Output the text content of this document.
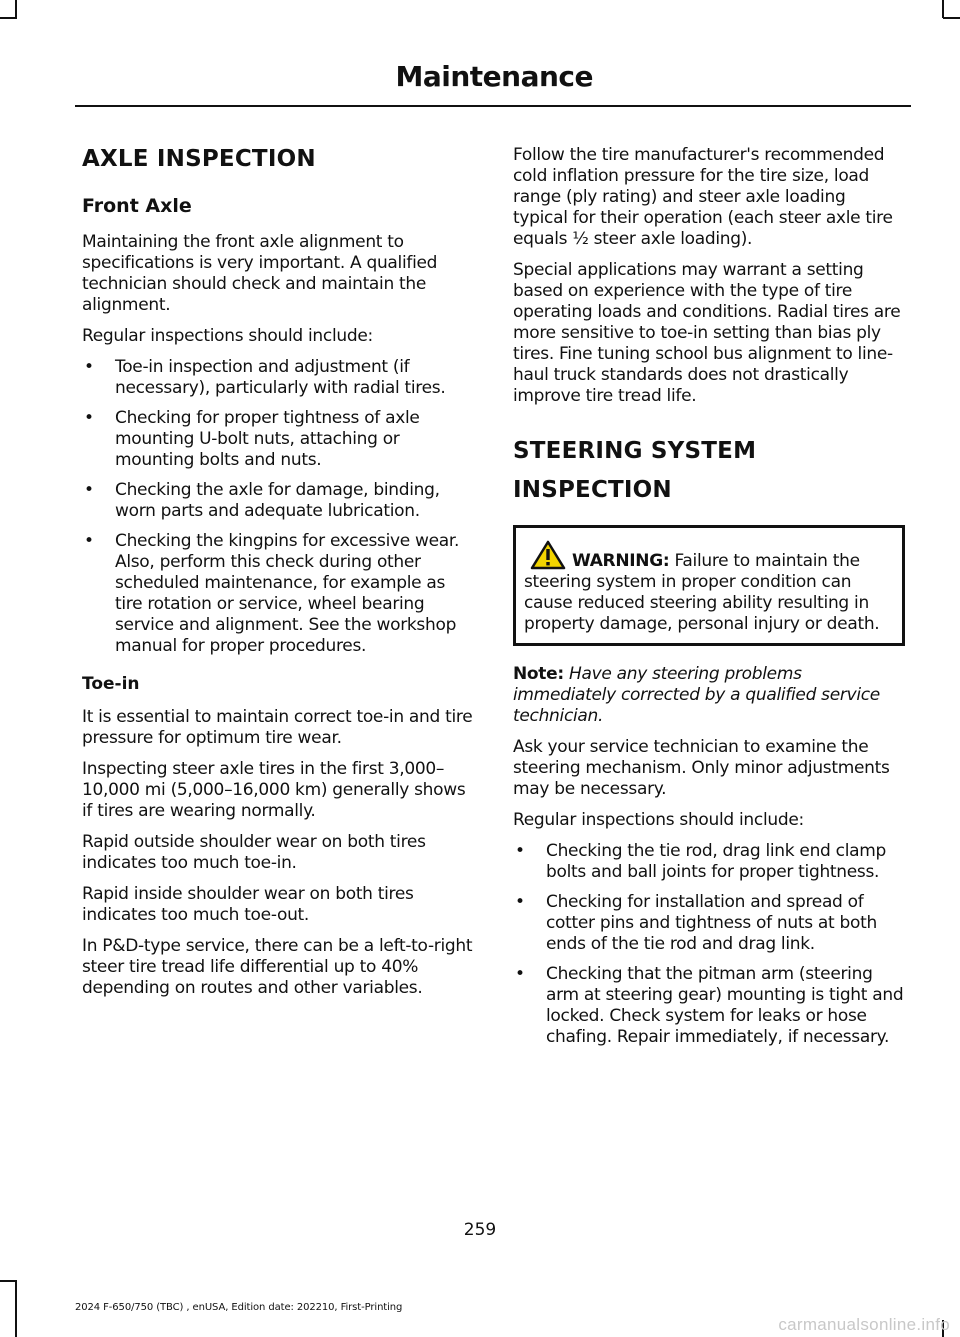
Maintenance
AXLE INSPECTION
Front Axle

Maintaining the front axle alignment to specifications is very important. A qualified technician should check and maintain the alignment.

Regular inspections should include:

• Toe-in inspection and adjustment (if necessary), particularly with radial tires.
• Checking for proper tightness of axle mounting U-bolt nuts, attaching or mounting bolts and nuts.
• Checking the axle for damage, binding, worn parts and adequate lubrication.
• Checking the kingpins for excessive wear. Also, perform this check during other scheduled maintenance, for example as tire rotation or service, wheel bearing service and alignment. See the workshop manual for proper procedures.
Toe-in

It is essential to maintain correct toe-in and tire pressure for optimum tire wear.

Inspecting steer axle tires in the first 3,000–10,000 mi (5,000–16,000 km) generally shows if tires are wearing normally.

Rapid outside shoulder wear on both tires indicates too much toe-in.

Rapid inside shoulder wear on both tires indicates too much toe-out.

In P&D-type service, there can be a left-to-right steer tire tread life differential up to 40% depending on routes and other variables.

Follow the tire manufacturer's recommended cold inflation pressure for the tire size, load range (ply rating) and steer axle loading typical for their operation (each steer axle tire equals ½ steer axle loading).

Special applications may warrant a setting based on experience with the type of tire operating loads and conditions. Radial tires are more sensitive to toe-in setting than bias ply tires. Fine tuning school bus alignment to line-haul truck standards does not drastically improve tire tread life.

STEERING SYSTEM
INSPECTION

WARNING: Failure to maintain the steering system in proper condition can cause reduced steering ability resulting in property damage, personal injury or death.

Note: Have any steering problems immediately corrected by a qualified service technician.

Ask your service technician to examine the steering mechanism. Only minor adjustments may be necessary.

Regular inspections should include:

• Checking the tie rod, drag link end clamp bolts and ball joints for proper tightness.
• Checking for installation and spread of cotter pins and tightness of nuts at both ends of the tie rod and drag link.
• Checking that the pitman arm (steering arm at steering gear) mounting is tight and locked. Check system for leaks or hose chafing. Repair immediately, if necessary.
259
2024 F-650/750 (TBC) , enUSA, Edition date: 202210, First-Printing
carmanualsonline.info
